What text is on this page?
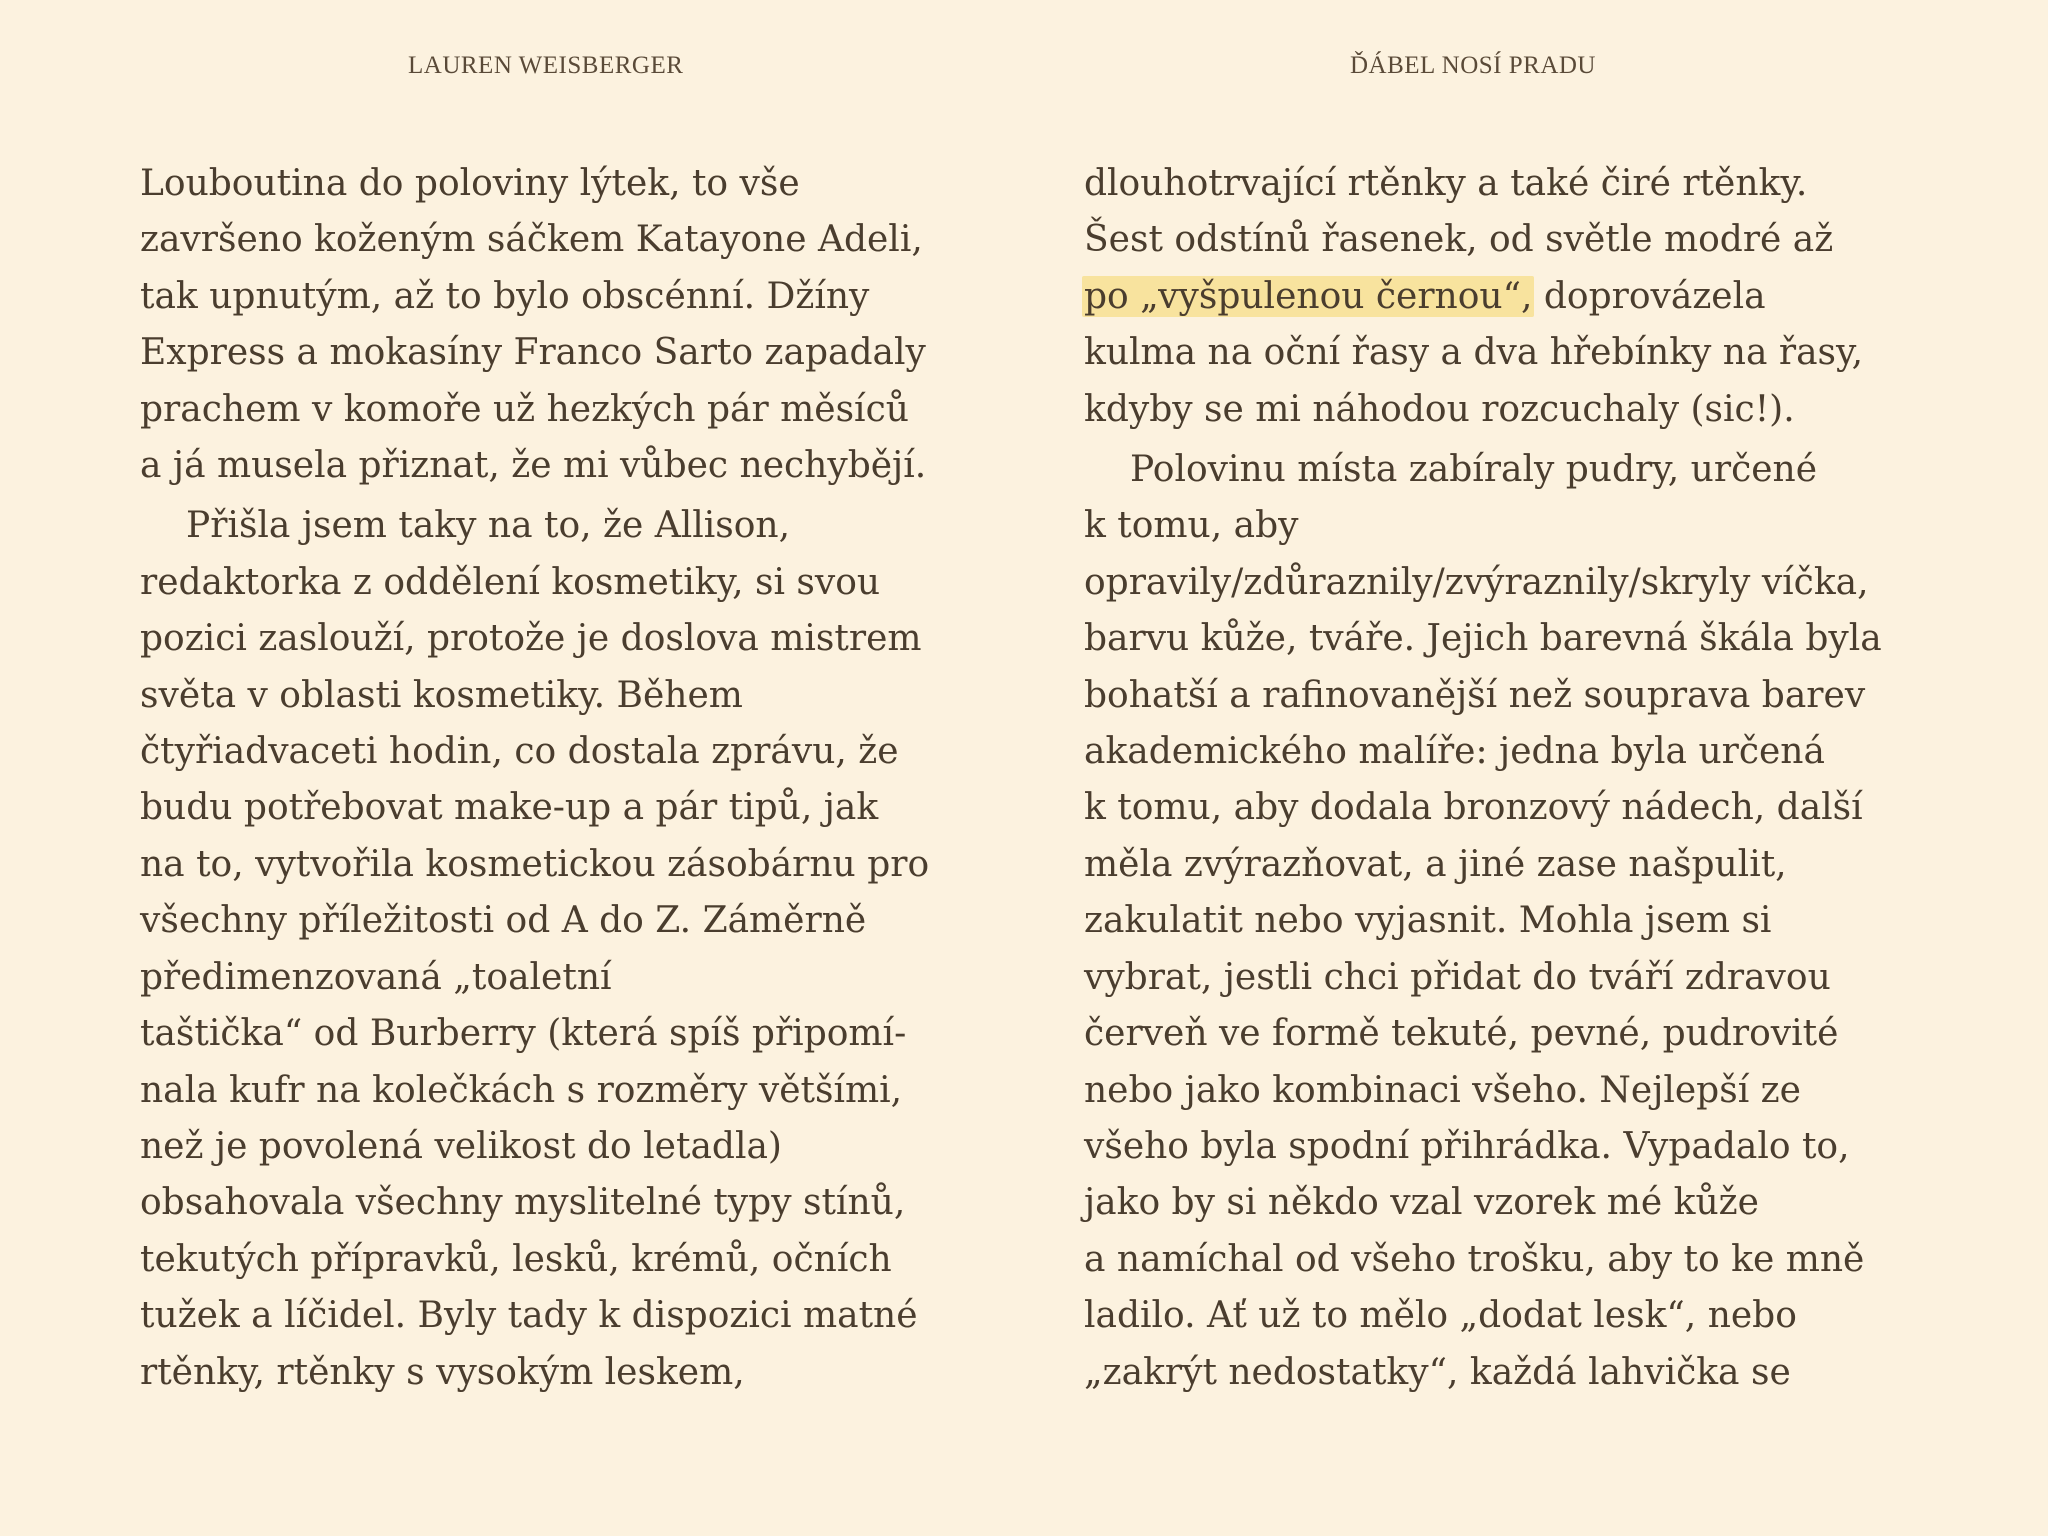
LAUREN WEISBERGER	ĎÁBEL NOSÍ PRADU
Louboutina do poloviny lýtek, to vše
završeno koženým sáčkem Katayone Adeli,
tak upnutým, až to bylo obscénní. Džíny
Express a mokasíny Franco Sarto zapadaly
prachem v komoře už hezkých pár měsíců
a já musela přiznat, že mi vůbec nechybějí.
Přišla jsem taky na to, že Allison,
redaktorka z oddělení kosmetiky, si svou
pozici zaslouží, protože je doslova mistrem
světa v oblasti kosmetiky. Během
čtyřiadvaceti hodin, co dostala zprávu, že
budu potřebovat make-up a pár tipů, jak
na to, vytvořila kosmetickou zásobárnu pro
všechny příležitosti od A do Z. Záměrně
předimenzovaná „toaletní
taštička“ od Burberry (která spíš připomí-
nala kufr na kolečkách s rozměry většími,
než je povolená velikost do letadla)
obsahovala všechny myslitelné typy stínů,
tekutých přípravků, lesků, krémů, očních
tužek a líčidel. Byly tady k dispozici matné
rtěnky, rtěnky s vysokým leskem,
dlouhotrvající rtěnky a také čiré rtěnky.
Šest odstínů řasenek, od světle modré až
po „vyšpulenou černou“, doprovázela
kulma na oční řasy a dva hřebínky na řasy,
kdyby se mi náhodou rozcuchaly (sic!).
Polovinu místa zabíraly pudry, určené
k tomu, aby
opravily/zdůraznily/zvýraznily/skryly víčka,
barvu kůže, tváře. Jejich barevná škála byla
bohatší a rafinovanější než souprava barev
akademického malíře: jedna byla určená
k tomu, aby dodala bronzový nádech, další
měla zvýrazňovat, a jiné zase našpulit,
zakulatit nebo vyjasnit. Mohla jsem si
vybrat, jestli chci přidat do tváří zdravou
červeň ve formě tekuté, pevné, pudrovité
nebo jako kombinaci všeho. Nejlepší ze
všeho byla spodní přihrádka. Vypadalo to,
jako by si někdo vzal vzorek mé kůže
a namíchal od všeho trošku, aby to ke mně
ladilo. Ať už to mělo „dodat lesk“, nebo
„zakrýt nedostatky“, každá lahvička se
